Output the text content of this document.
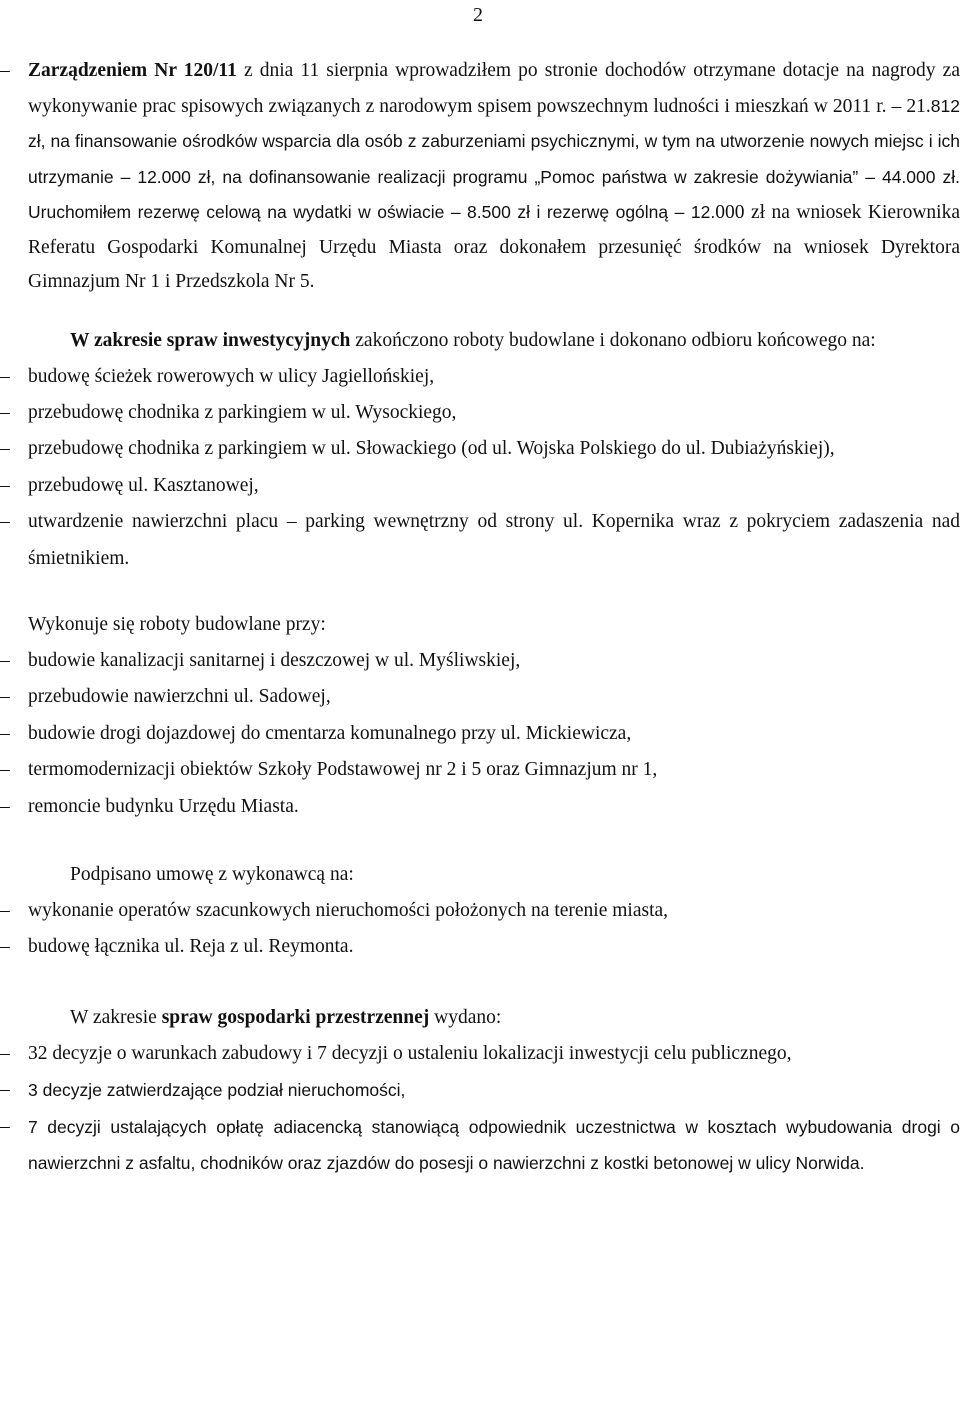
2
– Zarządzeniem Nr 120/11 z dnia 11 sierpnia wprowadziłem po stronie dochodów otrzymane dotacje na nagrody za wykonywanie prac spisowych związanych z narodowym spisem powszechnym ludności i mieszkań w 2011 r. – 21.812 zł, na finansowanie ośrodków wsparcia dla osób z zaburzeniami psychicznymi, w tym na utworzenie nowych miejsc i ich utrzymanie – 12.000 zł, na dofinansowanie realizacji programu „Pomoc państwa w zakresie dożywiania” – 44.000 zł. Uruchomiłem rezerwę celową na wydatki w oświacie – 8.500 zł i rezerwę ogólną – 12.000 zł na wniosek Kierownika Referatu Gospodarki Komunalnej Urzędu Miasta oraz dokonałem przesunięć środków na wniosek Dyrektora Gimnazjum Nr 1 i Przedszkola Nr 5.
W zakresie spraw inwestycyjnych zakończono roboty budowlane i dokonano odbioru końcowego na:
– budowę ścieżek rowerowych w ulicy Jagiellońskiej,
– przebudowę chodnika z parkingiem w ul. Wysockiego,
– przebudowę chodnika z parkingiem w ul. Słowackiego (od ul. Wojska Polskiego do ul. Dubiażyńskiej),
– przebudowę ul. Kasztanowej,
– utwardzenie nawierzchni placu – parking wewnętrzny od strony ul. Kopernika wraz z pokryciem zadaszenia nad śmietnikiem.
Wykonuje się roboty budowlane przy:
– budowie kanalizacji sanitarnej i deszczowej w ul. Myśliwskiej,
– przebudowie nawierzchni ul. Sadowej,
– budowie drogi dojazdowej do cmentarza komunalnego przy ul. Mickiewicza,
– termomodernizacji obiektów Szkoły Podstawowej nr 2 i 5 oraz Gimnazjum nr 1,
– remoncie budynku Urzędu Miasta.
Podpisano umowę z wykonawcą na:
– wykonanie operatów szacunkowych nieruchomości położonych na terenie miasta,
– budowę łącznika ul. Reja z ul. Reymonta.
W zakresie spraw gospodarki przestrzennej wydano:
– 32 decyzje o warunkach zabudowy i 7 decyzji o ustaleniu lokalizacji inwestycji celu publicznego,
–	3 decyzje zatwierdzające podział nieruchomości,
–	7 decyzji ustalających opłatę adiacencką stanowiącą odpowiednik uczestnictwa w kosztach wybudowania drogi o nawierzchni z asfaltu, chodników oraz zjazdów do posesji o nawierzchni z kostki betonowej w ulicy Norwida.
